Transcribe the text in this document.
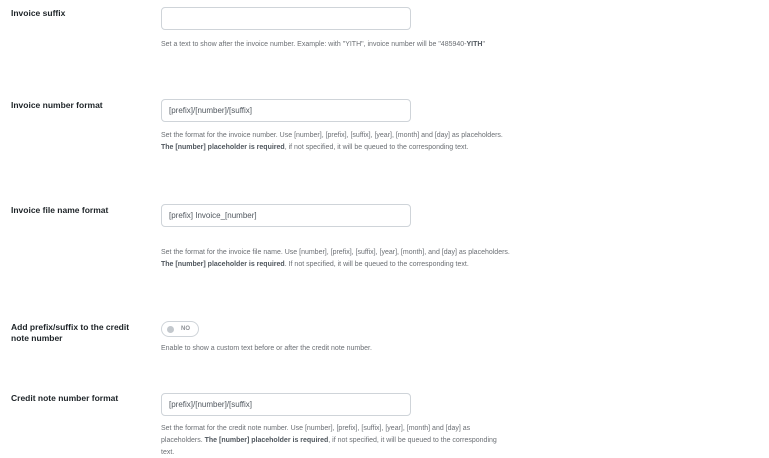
Invoice suffix
Set a text to show after the invoice number. Example: with "YITH", invoice number will be "485940-YITH"
Invoice number format
[prefix]/[number]/[suffix]
Set the format for the invoice number. Use [number], [prefix], [suffix], [year], [month] and [day] as placeholders. The [number] placeholder is required, if not specified, it will be queued to the corresponding text.
Invoice file name format
[prefix] Invoice_[number]
Set the format for the invoice file name. Use [number], [prefix], [suffix], [year], [month], and [day] as placeholders. The [number] placeholder is required. If not specified, it will be queued to the corresponding text.
Add prefix/suffix to the credit note number
NO
Enable to show a custom text before or after the credit note number.
Credit note number format
[prefix]/[number]/[suffix]
Set the format for the credit note number. Use [number], [prefix], [suffix], [year], [month] and [day] as placeholders. The [number] placeholder is required, if not specified, it will be queued to the corresponding text.
